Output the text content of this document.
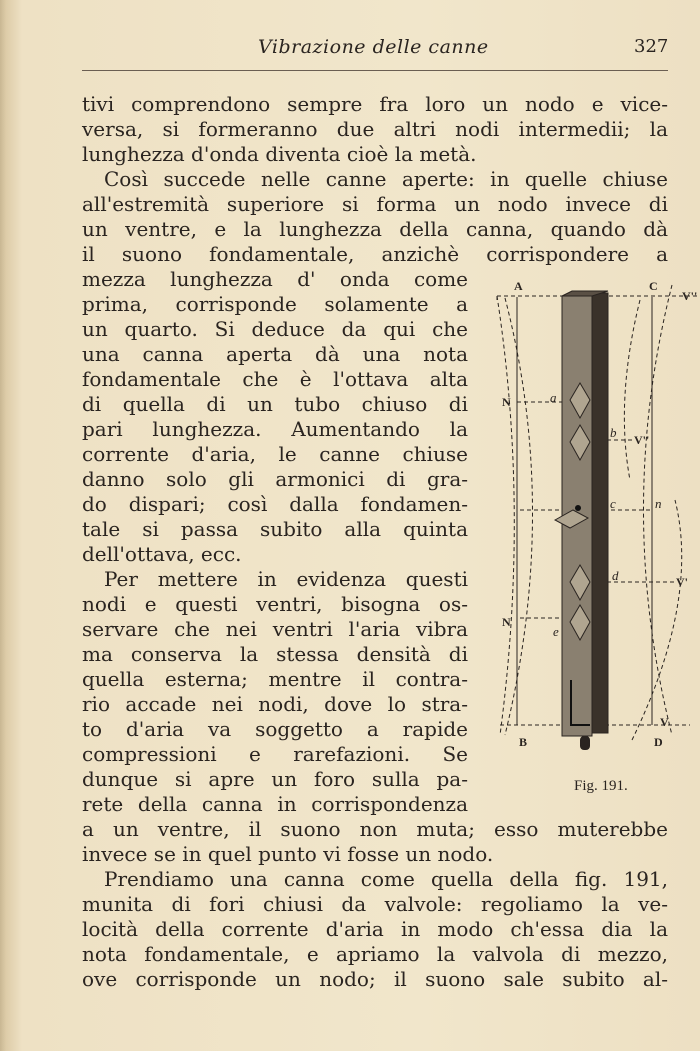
Vibrazione delle canne	327
tivi comprendono sempre fra loro un nodo e vice-
versa, si formeranno due altri nodi intermedii; la
lunghezza d'onda diventa cioè la metà.
Così succede nelle canne aperte: in quelle chiuse
all'estremità superiore si forma un nodo invece di
un ventre, e la lunghezza della canna, quando dà
il suono fondamentale, anzichè corrispondere a
mezza lunghezza d' onda come
prima, corrisponde solamente a
un quarto. Si deduce da qui che
una canna aperta dà una nota
fondamentale che è l'ottava alta
di quella di un tubo chiuso di
pari lunghezza. Aumentando la
corrente d'aria, le canne chiuse
danno solo gli armonici di gra-
do dispari; così dalla fondamen-
tale si passa subito alla quinta
dell'ottava, ecc.
Per mettere in evidenza questi
nodi e questi ventri, bisogna os-
servare che nei ventri l'aria vibra
ma conserva la stessa densità di
quella esterna; mentre il contra-
rio accade nei nodi, dove lo stra-
to d'aria va soggetto a rapide
compressioni e rarefazioni. Se
dunque si apre un foro sulla pa-
rete della canna in corrispondenza
a un ventre, il suono non muta; esso muterebbe
invece se in quel punto vi fosse un nodo.
Prendiamo una canna come quella della fig. 191,
munita di fori chiusi da valvole: regoliamo la ve-
locità della corrente d'aria in modo ch'essa dia la
nota fondamentale, e apriamo la valvola di mezzo,
ove corrisponde un nodo; il suono sale subito al-
A	C
V''
N
V''
V'
N
V
B	D
a
b
c	n
d
e
Fig. 191.
